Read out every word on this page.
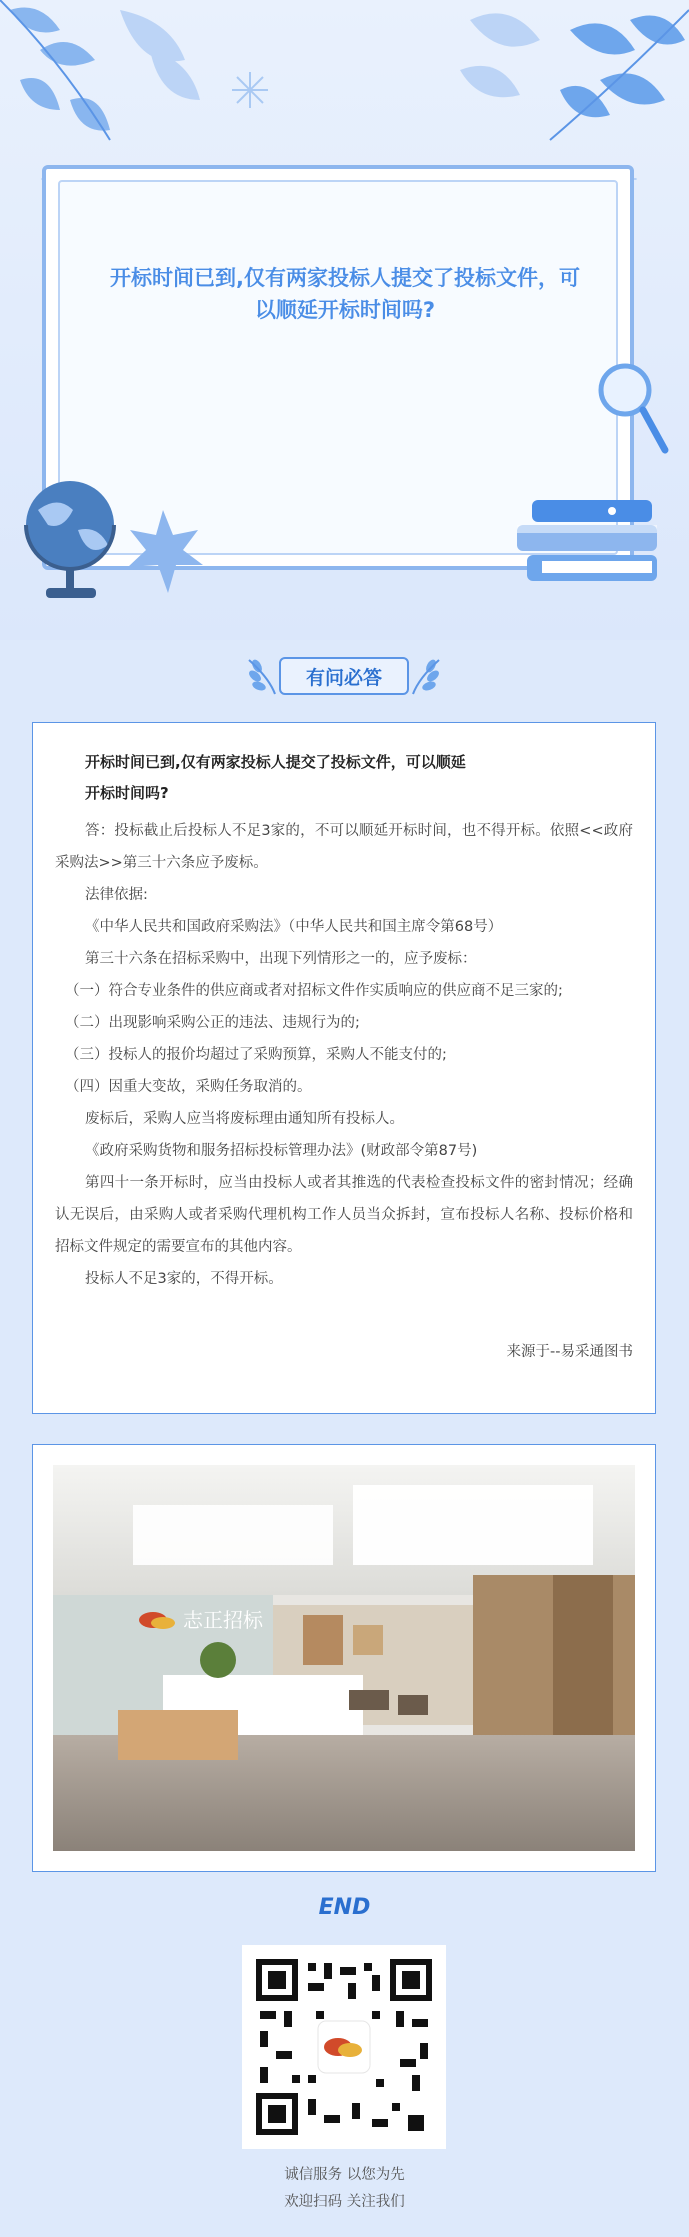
开标时间已到,仅有两家投标人提交了投标文件，可以顺延开标时间吗?
有问必答
开标时间已到,仅有两家投标人提交了投标文件，可以顺延开标时间吗?

答：投标截止后投标人不足3家的，不可以顺延开标时间，也不得开标。依照<<政府采购法>>第三十六条应予废标。

法律依据:

《中华人民共和国政府采购法》（中华人民共和国主席令第68号）

第三十六条在招标采购中，出现下列情形之一的，应予废标：

（一）符合专业条件的供应商或者对招标文件作实质响应的供应商不足三家的;

（二）出现影响采购公正的违法、违规行为的;

（三）投标人的报价均超过了采购预算，采购人不能支付的;

（四）因重大变故，采购任务取消的。

废标后，采购人应当将废标理由通知所有投标人。

《政府采购货物和服务招标投标管理办法》(财政部令第87号)

第四十一条开标时，应当由投标人或者其推选的代表检查投标文件的密封情况；经确认无误后，由采购人或者采购代理机构工作人员当众拆封，宣布投标人名称、投标价格和招标文件规定的需要宣布的其他内容。

投标人不足3家的，不得开标。

来源于--易采通图书
志正招标
END
诚信服务 以您为先
欢迎扫码 关注我们
